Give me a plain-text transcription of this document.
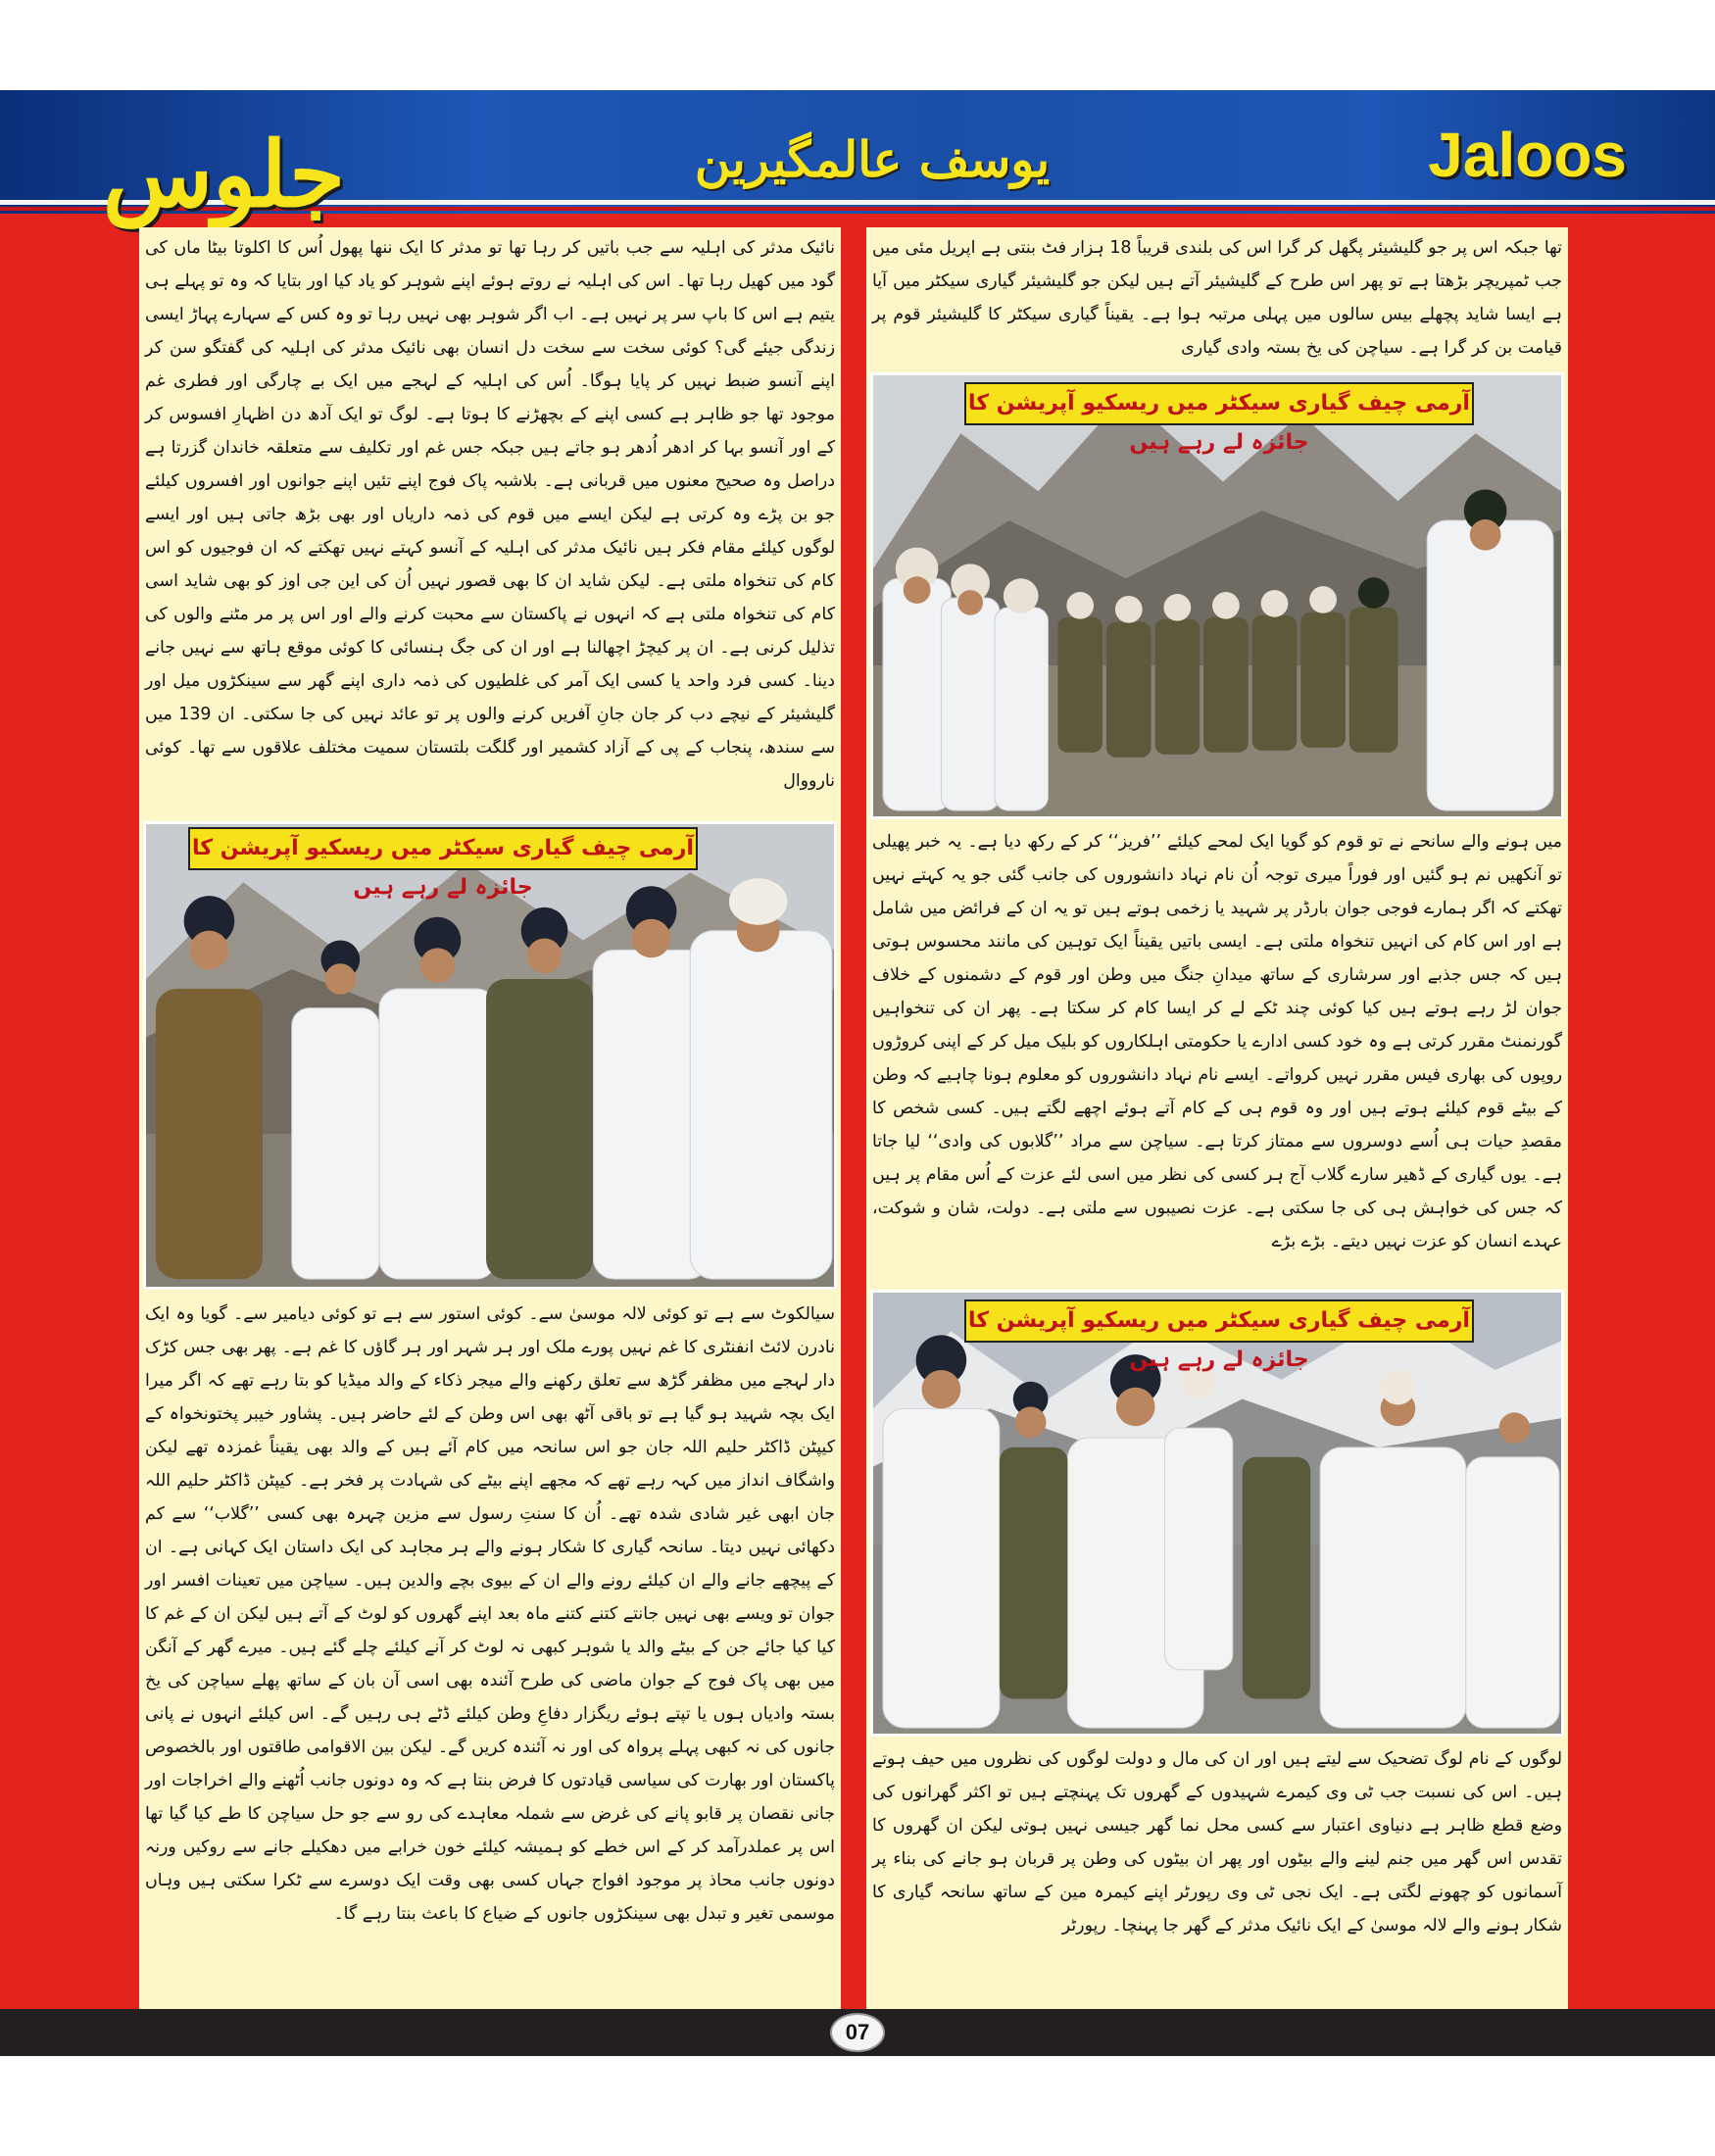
جلوس	یوسف عالمگیرین	Jaloos

تھا جبکہ اس پر جو گلیشیئر پگھل کر گرا اس کی بلندی قریباً 18 ہزار فٹ بنتی ہے اپریل مئی میں جب ٹمپریچر بڑھتا ہے تو پھر اس طرح کے گلیشیئر آتے ہیں لیکن جو گلیشیئر گیاری سیکٹر میں آیا ہے ایسا شاید پچھلے بیس سالوں میں پہلی مرتبہ ہوا ہے۔ یقیناً گیاری سیکٹر کا گلیشیئر قوم پر قیامت بن کر گرا ہے۔ سیاچن کی یخ بستہ وادی گیاری

آرمی چیف گیاری سیکٹر میں ریسکیو آپریشن کا جائزہ لے رہے ہیں

میں ہونے والے سانحے نے تو قوم کو گویا ایک لمحے کیلئے ’’فریز‘‘ کر کے رکھ دیا ہے۔ یہ خبر پھیلی تو آنکھیں نم ہو گئیں اور فوراً میری توجہ اُن نام نہاد دانشوروں کی جانب گئی جو یہ کہتے نہیں تھکتے کہ اگر ہمارے فوجی جوان بارڈر پر شہید یا زخمی ہوتے ہیں تو یہ ان کے فرائض میں شامل ہے اور اس کام کی انہیں تنخواہ ملتی ہے۔ ایسی باتیں یقیناً ایک توہین کی مانند محسوس ہوتی ہیں کہ جس جذبے اور سرشاری کے ساتھ میدانِ جنگ میں وطن اور قوم کے دشمنوں کے خلاف جوان لڑ رہے ہوتے ہیں کیا کوئی چند ٹکے لے کر ایسا کام کر سکتا ہے۔ پھر ان کی تنخواہیں گورنمنٹ مقرر کرتی ہے وہ خود کسی ادارے یا حکومتی اہلکاروں کو بلیک میل کر کے اپنی کروڑوں روپوں کی بھاری فیس مقرر نہیں کرواتے۔ ایسے نام نہاد دانشوروں کو معلوم ہونا چاہیے کہ وطن کے بیٹے قوم کیلئے ہوتے ہیں اور وہ قوم ہی کے کام آتے ہوئے اچھے لگتے ہیں۔ کسی شخص کا مقصدِ حیات ہی اُسے دوسروں سے ممتاز کرتا ہے۔ سیاچن سے مراد ’’گلابوں کی وادی‘‘ لیا جاتا ہے۔ یوں گیاری کے ڈھیر سارے گلاب آج ہر کسی کی نظر میں اسی لئے عزت کے اُس مقام پر ہیں کہ جس کی خواہش ہی کی جا سکتی ہے۔ عزت نصیبوں سے ملتی ہے۔ دولت، شان و شوکت، عہدے انسان کو عزت نہیں دیتے۔ بڑے بڑے

آرمی چیف گیاری سیکٹر میں ریسکیو آپریشن کا جائزہ لے رہے ہیں

لوگوں کے نام لوگ تضحیک سے لیتے ہیں اور ان کی مال و دولت لوگوں کی نظروں میں حیف ہوتے ہیں۔ اس کی نسبت جب ٹی وی کیمرے شہیدوں کے گھروں تک پہنچتے ہیں تو اکثر گھرانوں کی وضع قطع ظاہر ہے دنیاوی اعتبار سے کسی محل نما گھر جیسی نہیں ہوتی لیکن ان گھروں کا تقدس اس گھر میں جنم لینے والے بیٹوں اور پھر ان بیٹوں کی وطن پر قربان ہو جانے کی بناء پر آسمانوں کو چھونے لگتی ہے۔ ایک نجی ٹی وی رپورٹر اپنے کیمرہ مین کے ساتھ سانحہ گیاری کا شکار ہونے والے لالہ موسیٰ کے ایک نائیک مدثر کے گھر جا پہنچا۔ رپورٹر

نائیک مدثر کی اہلیہ سے جب باتیں کر رہا تھا تو مدثر کا ایک ننھا پھول اُس کا اکلوتا بیٹا ماں کی گود میں کھیل رہا تھا۔ اس کی اہلیہ نے روتے ہوئے اپنے شوہر کو یاد کیا اور بتایا کہ وہ تو پہلے ہی یتیم ہے اس کا باپ سر پر نہیں ہے۔ اب اگر شوہر بھی نہیں رہا تو وہ کس کے سہارے پہاڑ ایسی زندگی جیئے گی؟ کوئی سخت سے سخت دل انسان بھی نائیک مدثر کی اہلیہ کی گفتگو سن کر اپنے آنسو ضبط نہیں کر پایا ہوگا۔ اُس کی اہلیہ کے لہجے میں ایک بے چارگی اور فطری غم موجود تھا جو ظاہر ہے کسی اپنے کے بچھڑنے کا ہوتا ہے۔ لوگ تو ایک آدھ دن اظہارِ افسوس کر کے اور آنسو بہا کر ادھر اُدھر ہو جاتے ہیں جبکہ جس غم اور تکلیف سے متعلقہ خاندان گزرتا ہے دراصل وہ صحیح معنوں میں قربانی ہے۔ بلاشبہ پاک فوج اپنے تئیں اپنے جوانوں اور افسروں کیلئے جو بن پڑے وہ کرتی ہے لیکن ایسے میں قوم کی ذمہ داریاں اور بھی بڑھ جاتی ہیں اور ایسے لوگوں کیلئے مقام فکر ہیں نائیک مدثر کی اہلیہ کے آنسو کہتے نہیں تھکتے کہ ان فوجیوں کو اس کام کی تنخواہ ملتی ہے۔ لیکن شاید ان کا بھی قصور نہیں اُن کی این جی اوز کو بھی شاید اسی کام کی تنخواہ ملتی ہے کہ انہوں نے پاکستان سے محبت کرنے والے اور اس پر مر مٹنے والوں کی تذلیل کرنی ہے۔ ان پر کیچڑ اچھالنا ہے اور ان کی جگ ہنسائی کا کوئی موقع ہاتھ سے نہیں جانے دینا۔ کسی فرد واحد یا کسی ایک آمر کی غلطیوں کی ذمہ داری اپنے گھر سے سینکڑوں میل اور گلیشیئر کے نیچے دب کر جان جانِ آفریں کرنے والوں پر تو عائد نہیں کی جا سکتی۔ ان 139 میں سے سندھ، پنجاب کے پی کے آزاد کشمیر اور گلگت بلتستان سمیت مختلف علاقوں سے تھا۔ کوئی نارووال

آرمی چیف گیاری سیکٹر میں ریسکیو آپریشن کا جائزہ لے رہے ہیں

سیالکوٹ سے ہے تو کوئی لالہ موسیٰ سے۔ کوئی استور سے ہے تو کوئی دیامیر سے۔ گویا وہ ایک نادرن لائٹ انفنٹری کا غم نہیں پورے ملک اور ہر شہر اور ہر گاؤں کا غم ہے۔ پھر بھی جس کڑک دار لہجے میں مظفر گڑھ سے تعلق رکھنے والے میجر ذکاء کے والد میڈیا کو بتا رہے تھے کہ اگر میرا ایک بچہ شہید ہو گیا ہے تو باقی آٹھ بھی اس وطن کے لئے حاضر ہیں۔ پشاور خیبر پختونخواہ کے کیپٹن ڈاکٹر حلیم اللہ جان جو اس سانحہ میں کام آئے ہیں کے والد بھی یقیناً غمزدہ تھے لیکن واشگاف انداز میں کہہ رہے تھے کہ مجھے اپنے بیٹے کی شہادت پر فخر ہے۔ کیپٹن ڈاکٹر حلیم اللہ جان ابھی غیر شادی شدہ تھے۔ اُن کا سنتِ رسول سے مزین چہرہ بھی کسی ’’گلاب‘‘ سے کم دکھائی نہیں دیتا۔ سانحہ گیاری کا شکار ہونے والے ہر مجاہد کی ایک داستان ایک کہانی ہے۔ ان کے پیچھے جانے والے ان کیلئے رونے والے ان کے بیوی بچے والدین ہیں۔ سیاچن میں تعینات افسر اور جوان تو ویسے بھی نہیں جانتے کتنے کتنے ماہ بعد اپنے گھروں کو لوٹ کے آتے ہیں لیکن ان کے غم کا کیا کیا جائے جن کے بیٹے والد یا شوہر کبھی نہ لوٹ کر آنے کیلئے چلے گئے ہیں۔ میرے گھر کے آنگن میں بھی پاک فوج کے جوان ماضی کی طرح آئندہ بھی اسی آن بان کے ساتھ پھلے سیاچن کی یخ بستہ وادیاں ہوں یا تپتے ہوئے ریگزار دفاعِ وطن کیلئے ڈٹے ہی رہیں گے۔ اس کیلئے انہوں نے پانی جانوں کی نہ کبھی پہلے پرواہ کی اور نہ آئندہ کریں گے۔ لیکن بین الاقوامی طاقتوں اور بالخصوص پاکستان اور بھارت کی سیاسی قیادتوں کا فرض بنتا ہے کہ وہ دونوں جانب اُٹھنے والے اخراجات اور جانی نقصان پر قابو پانے کی غرض سے شملہ معاہدے کی رو سے جو حل سیاچن کا طے کیا گیا تھا اس پر عملدرآمد کر کے اس خطے کو ہمیشہ کیلئے خون خرابے میں دھکیلے جانے سے روکیں ورنہ دونوں جانب محاذ پر موجود افواج جہاں کسی بھی وقت ایک دوسرے سے ٹکرا سکتی ہیں وہاں موسمی تغیر و تبدل بھی سینکڑوں جانوں کے ضیاع کا باعث بنتا رہے گا۔

07
